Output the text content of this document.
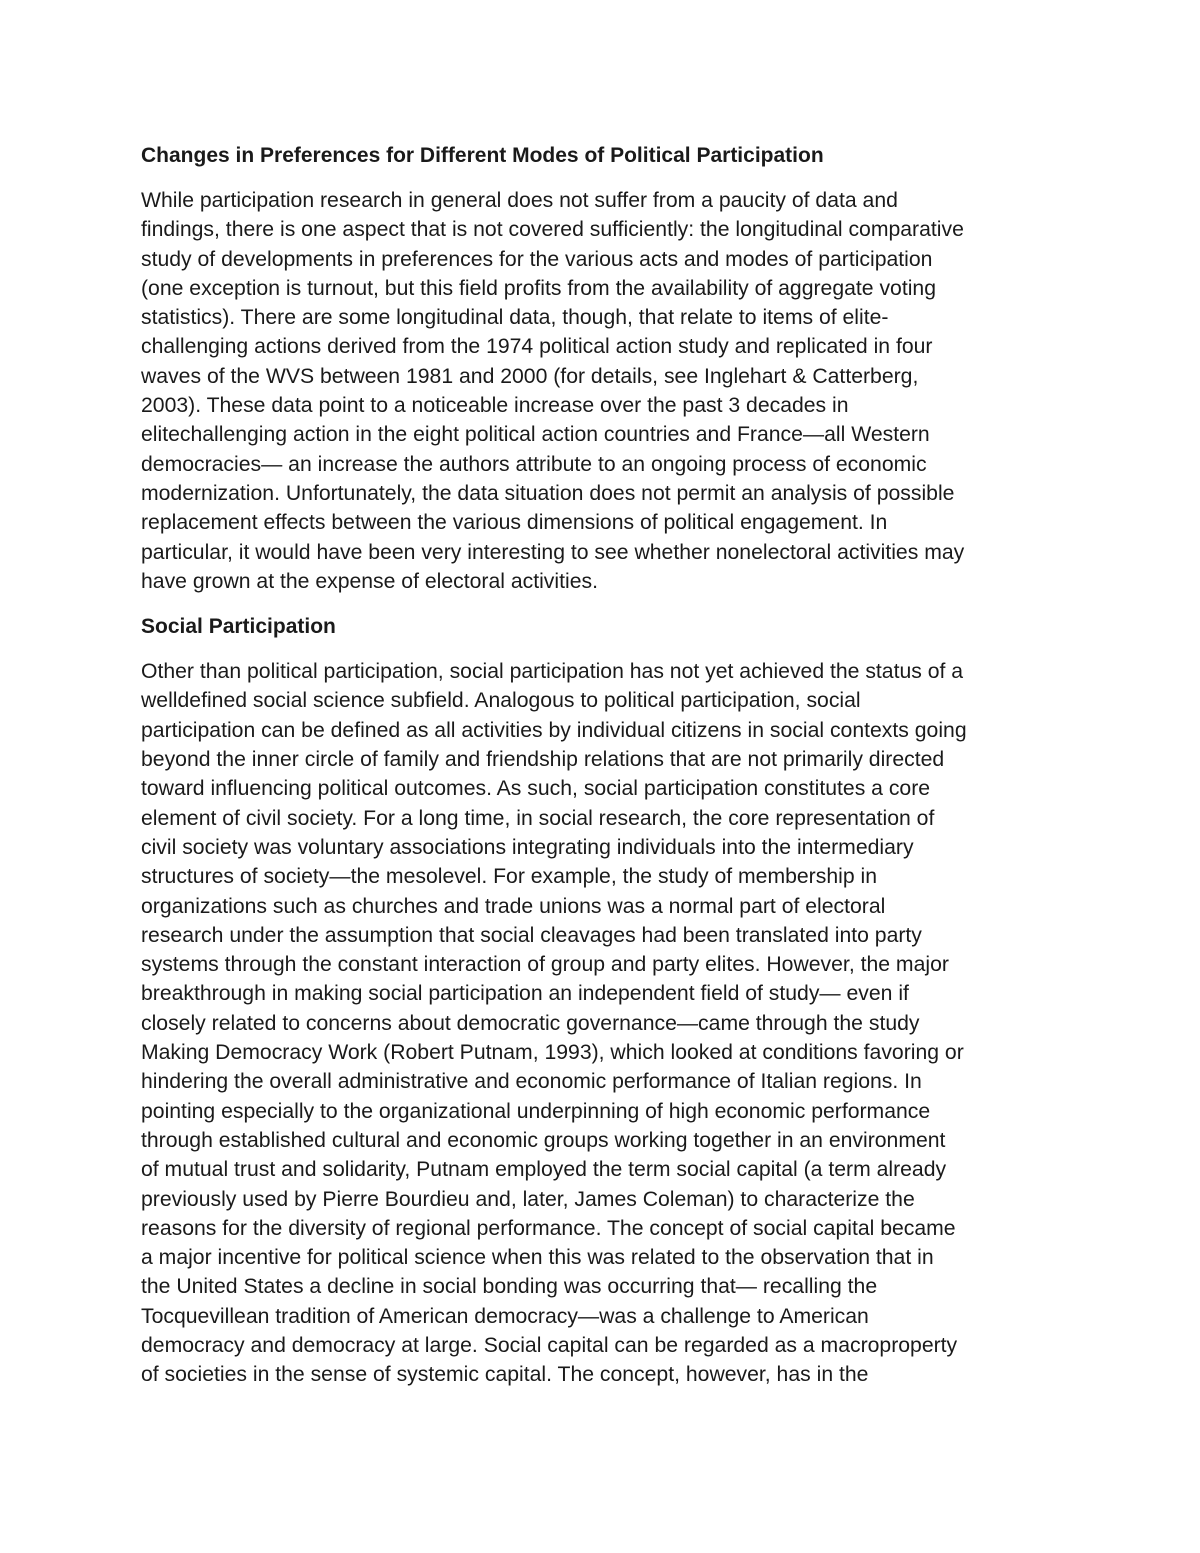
Changes in Preferences for Different Modes of Political Participation

While participation research in general does not suffer from a paucity of data and
findings, there is one aspect that is not covered sufficiently: the longitudinal comparative
study of developments in preferences for the various acts and modes of participation
(one exception is turnout, but this field profits from the availability of aggregate voting
statistics). There are some longitudinal data, though, that relate to items of elite-
challenging actions derived from the 1974 political action study and replicated in four
waves of the WVS between 1981 and 2000 (for details, see Inglehart & Catterberg,
2003). These data point to a noticeable increase over the past 3 decades in
elitechallenging action in the eight political action countries and France—all Western
democracies— an increase the authors attribute to an ongoing process of economic
modernization. Unfortunately, the data situation does not permit an analysis of possible
replacement effects between the various dimensions of political engagement. In
particular, it would have been very interesting to see whether nonelectoral activities may
have grown at the expense of electoral activities.

Social Participation

Other than political participation, social participation has not yet achieved the status of a
welldefined social science subfield. Analogous to political participation, social
participation can be defined as all activities by individual citizens in social contexts going
beyond the inner circle of family and friendship relations that are not primarily directed
toward influencing political outcomes. As such, social participation constitutes a core
element of civil society. For a long time, in social research, the core representation of
civil society was voluntary associations integrating individuals into the intermediary
structures of society—the mesolevel. For example, the study of membership in
organizations such as churches and trade unions was a normal part of electoral
research under the assumption that social cleavages had been translated into party
systems through the constant interaction of group and party elites. However, the major
breakthrough in making social participation an independent field of study— even if
closely related to concerns about democratic governance—came through the study
Making Democracy Work (Robert Putnam, 1993), which looked at conditions favoring or
hindering the overall administrative and economic performance of Italian regions. In
pointing especially to the organizational underpinning of high economic performance
through established cultural and economic groups working together in an environment
of mutual trust and solidarity, Putnam employed the term social capital (a term already
previously used by Pierre Bourdieu and, later, James Coleman) to characterize the
reasons for the diversity of regional performance. The concept of social capital became
a major incentive for political science when this was related to the observation that in
the United States a decline in social bonding was occurring that— recalling the
Tocquevillean tradition of American democracy—was a challenge to American
democracy and democracy at large. Social capital can be regarded as a macroproperty
of societies in the sense of systemic capital. The concept, however, has in the
